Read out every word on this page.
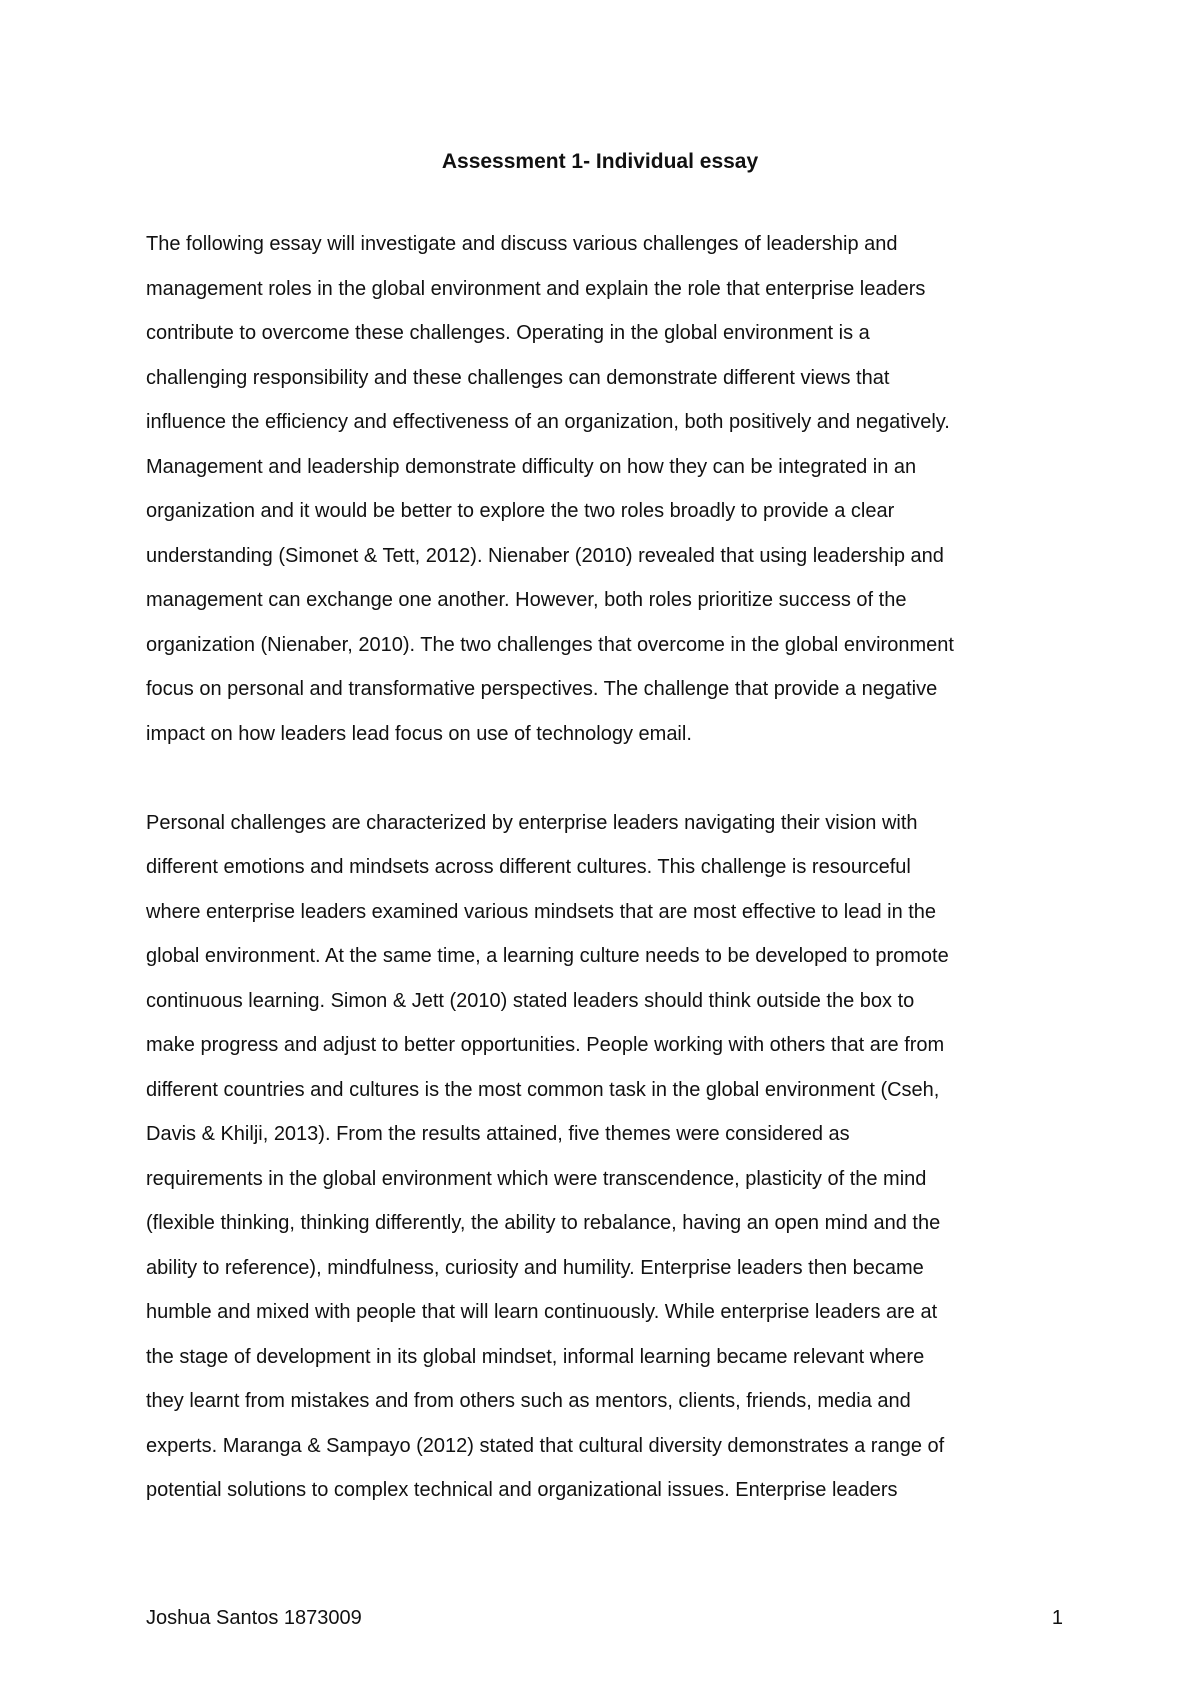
Assessment 1- Individual essay

The following essay will investigate and discuss various challenges of leadership and
management roles in the global environment and explain the role that enterprise leaders
contribute to overcome these challenges. Operating in the global environment is a
challenging responsibility and these challenges can demonstrate different views that
influence the efficiency and effectiveness of an organization, both positively and negatively.
Management and leadership demonstrate difficulty on how they can be integrated in an
organization and it would be better to explore the two roles broadly to provide a clear
understanding (Simonet & Tett, 2012). Nienaber (2010) revealed that using leadership and
management can exchange one another. However, both roles prioritize success of the
organization (Nienaber, 2010). The two challenges that overcome in the global environment
focus on personal and transformative perspectives. The challenge that provide a negative
impact on how leaders lead focus on use of technology email.

Personal challenges are characterized by enterprise leaders navigating their vision with
different emotions and mindsets across different cultures. This challenge is resourceful
where enterprise leaders examined various mindsets that are most effective to lead in the
global environment. At the same time, a learning culture needs to be developed to promote
continuous learning. Simon & Jett (2010) stated leaders should think outside the box to
make progress and adjust to better opportunities. People working with others that are from
different countries and cultures is the most common task in the global environment (Cseh,
Davis & Khilji, 2013). From the results attained, five themes were considered as
requirements in the global environment which were transcendence, plasticity of the mind
(flexible thinking, thinking differently, the ability to rebalance, having an open mind and the
ability to reference), mindfulness, curiosity and humility. Enterprise leaders then became
humble and mixed with people that will learn continuously. While enterprise leaders are at
the stage of development in its global mindset, informal learning became relevant where
they learnt from mistakes and from others such as mentors, clients, friends, media and
experts. Maranga & Sampayo (2012) stated that cultural diversity demonstrates a range of
potential solutions to complex technical and organizational issues. Enterprise leaders

Joshua Santos 1873009	1
